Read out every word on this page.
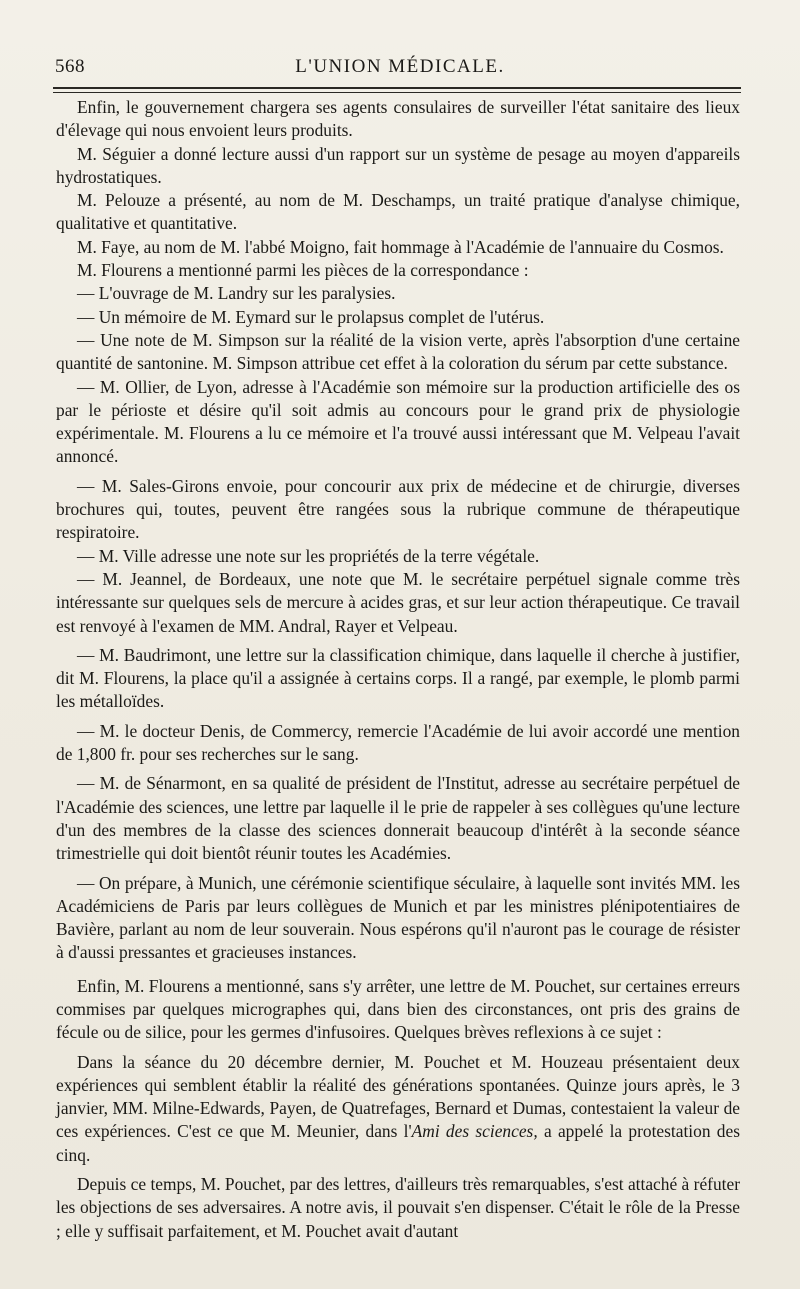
568	L'UNION MÉDICALE.

Enfin, le gouvernement chargera ses agents consulaires de surveiller l'état sanitaire des lieux d'élevage qui nous envoient leurs produits.

M. Séguier a donné lecture aussi d'un rapport sur un système de pesage au moyen d'appareils hydrostatiques.

M. Pelouze a présenté, au nom de M. Deschamps, un traité pratique d'analyse chimique, qualitative et quantitative.

M. Faye, au nom de M. l'abbé Moigno, fait hommage à l'Académie de l'annuaire du Cosmos.

M. Flourens a mentionné parmi les pièces de la correspondance :

— L'ouvrage de M. Landry sur les paralysies.

— Un mémoire de M. Eymard sur le prolapsus complet de l'utérus.

— Une note de M. Simpson sur la réalité de la vision verte, après l'absorption d'une certaine quantité de santonine. M. Simpson attribue cet effet à la coloration du sérum par cette substance.

— M. Ollier, de Lyon, adresse à l'Académie son mémoire sur la production artificielle des os par le périoste et désire qu'il soit admis au concours pour le grand prix de physiologie expérimentale. M. Flourens a lu ce mémoire et l'a trouvé aussi intéressant que M. Velpeau l'avait annoncé.

— M. Sales-Girons envoie, pour concourir aux prix de médecine et de chirurgie, diverses brochures qui, toutes, peuvent être rangées sous la rubrique commune de thérapeutique respiratoire.

— M. Ville adresse une note sur les propriétés de la terre végétale.

— M. Jeannel, de Bordeaux, une note que M. le secrétaire perpétuel signale comme très intéressante sur quelques sels de mercure à acides gras, et sur leur action thérapeutique. Ce travail est renvoyé à l'examen de MM. Andral, Rayer et Velpeau.

— M. Baudrimont, une lettre sur la classification chimique, dans laquelle il cherche à justifier, dit M. Flourens, la place qu'il a assignée à certains corps. Il a rangé, par exemple, le plomb parmi les métalloïdes.

— M. le docteur Denis, de Commercy, remercie l'Académie de lui avoir accordé une mention de 1,800 fr. pour ses recherches sur le sang.

— M. de Sénarmont, en sa qualité de président de l'Institut, adresse au secrétaire perpétuel de l'Académie des sciences, une lettre par laquelle il le prie de rappeler à ses collègues qu'une lecture d'un des membres de la classe des sciences donnerait beaucoup d'intérêt à la seconde séance trimestrielle qui doit bientôt réunir toutes les Académies.

— On prépare, à Munich, une cérémonie scientifique séculaire, à laquelle sont invités MM. les Académiciens de Paris par leurs collègues de Munich et par les ministres plénipotentiaires de Bavière, parlant au nom de leur souverain. Nous espérons qu'il n'auront pas le courage de résister à d'aussi pressantes et gracieuses instances.

Enfin, M. Flourens a mentionné, sans s'y arrêter, une lettre de M. Pouchet, sur certaines erreurs commises par quelques micrographes qui, dans bien des circonstances, ont pris des grains de fécule ou de silice, pour les germes d'infusoires. Quelques brèves reflexions à ce sujet :

Dans la séance du 20 décembre dernier, M. Pouchet et M. Houzeau présentaient deux expériences qui semblent établir la réalité des générations spontanées. Quinze jours après, le 3 janvier, MM. Milne-Edwards, Payen, de Quatrefages, Bernard et Dumas, contestaient la valeur de ces expériences. C'est ce que M. Meunier, dans l'Ami des sciences, a appelé la protestation des cinq.

Depuis ce temps, M. Pouchet, par des lettres, d'ailleurs très remarquables, s'est attaché à réfuter les objections de ses adversaires. A notre avis, il pouvait s'en dispenser. C'était le rôle de la Presse ; elle y suffisait parfaitement, et M. Pouchet avait d'autant
